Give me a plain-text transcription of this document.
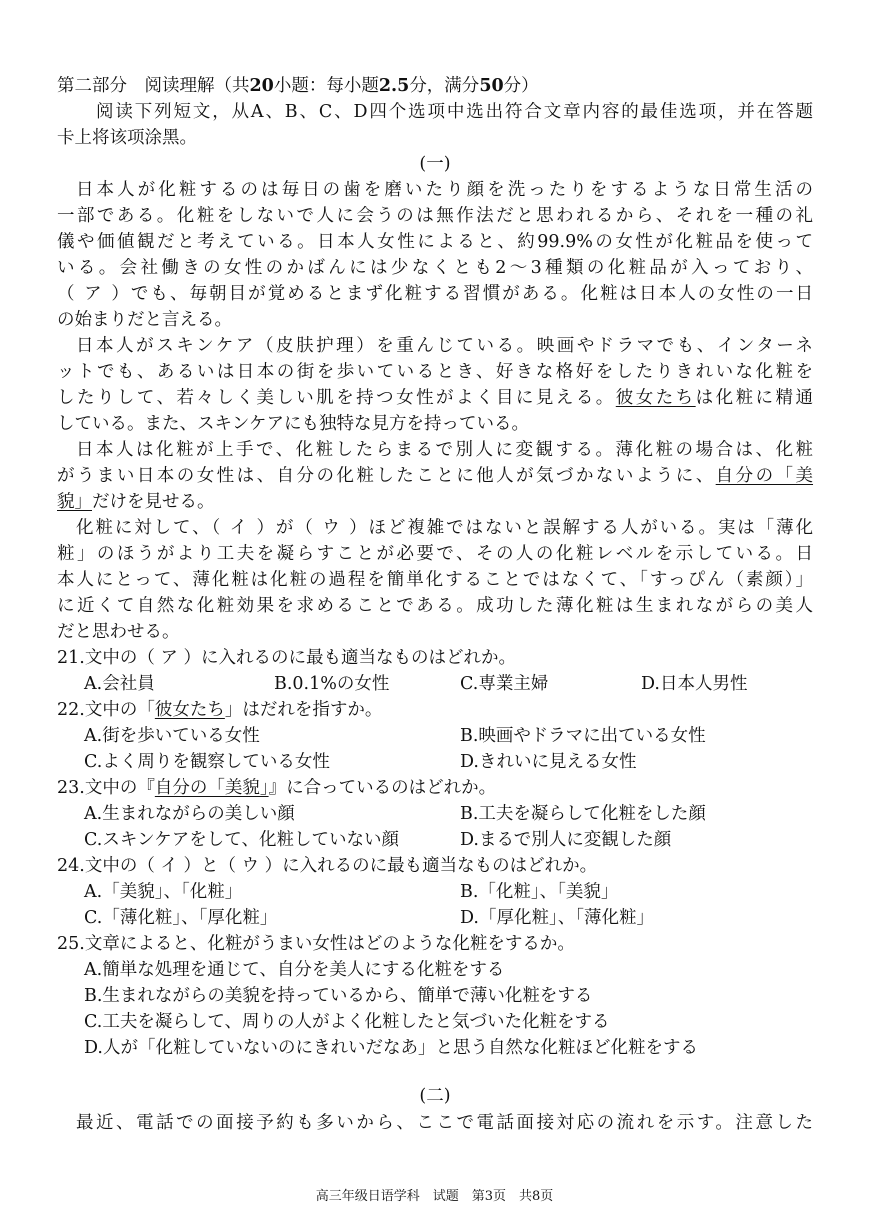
第二部分　阅读理解（共20小题：每小题2.5分，满分50分）
阅读下列短文，从A、B、C、D四个选项中选出符合文章内容的最佳选项，并在答题
卡上将该项涂黑。
(一)
日本人が化粧するのは毎日の歯を磨いたり顔を洗ったりをするような日常生活の
一部である。化粧をしないで人に会うのは無作法だと思われるから、それを一種の礼
儀や価値観だと考えている。日本人女性によると、約99.9%の女性が化粧品を使って
いる。会社働きの女性のかばんには少なくとも2～3種類の化粧品が入っており、
（ ア ）でも、毎朝目が覚めるとまず化粧する習慣がある。化粧は日本人の女性の一日
の始まりだと言える。
日本人がスキンケア（皮肤护理）を重んじている。映画やドラマでも、インターネ
ットでも、あるいは日本の街を歩いているとき、好きな格好をしたりきれいな化粧を
したりして、若々しく美しい肌を持つ女性がよく目に見える。彼女たちは化粧に精通
している。また、スキンケアにも独特な見方を持っている。
日本人は化粧が上手で、化粧したらまるで別人に変観する。薄化粧の場合は、化粧
がうまい日本の女性は、自分の化粧したことに他人が気づかないように、自分の「美
貌」だけを見せる。
化粧に対して、（ イ ）が（ ウ ）ほど複雑ではないと誤解する人がいる。実は「薄化
粧」のほうがより工夫を凝らすことが必要で、その人の化粧レベルを示している。日
本人にとって、薄化粧は化粧の過程を簡単化することではなくて、「すっぴん（素颜）」
に近くて自然な化粧効果を求めることである。成功した薄化粧は生まれながらの美人
だと思わせる。
21.文中の（ ア ）に入れるのに最も適当なものはどれか。
A.会社員	B.0.1%の女性	C.専業主婦	D.日本人男性
22.文中の「彼女たち」はだれを指すか。
A.街を歩いている女性	B.映画やドラマに出ている女性
C.よく周りを観察している女性	D.きれいに見える女性
23.文中の『自分の「美貌」』に合っているのはどれか。
A.生まれながらの美しい顔	B.工夫を凝らして化粧をした顔
C.スキンケアをして、化粧していない顔	D.まるで別人に変観した顔
24.文中の（ イ ）と（ ウ ）に入れるのに最も適当なものはどれか。
A.「美貌」、「化粧」	B.「化粧」、「美貌」
C.「薄化粧」、「厚化粧」	D.「厚化粧」、「薄化粧」
25.文章によると、化粧がうまい女性はどのような化粧をするか。
A.簡単な処理を通じて、自分を美人にする化粧をする
B.生まれながらの美貌を持っているから、簡単で薄い化粧をする
C.工夫を凝らして、周りの人がよく化粧したと気づいた化粧をする
D.人が「化粧していないのにきれいだなあ」と思う自然な化粧ほど化粧をする
(二)
最近、電話での面接予約も多いから、ここで電話面接対応の流れを示す。注意した
高三年级日语学科　试题　第3页　共8页
